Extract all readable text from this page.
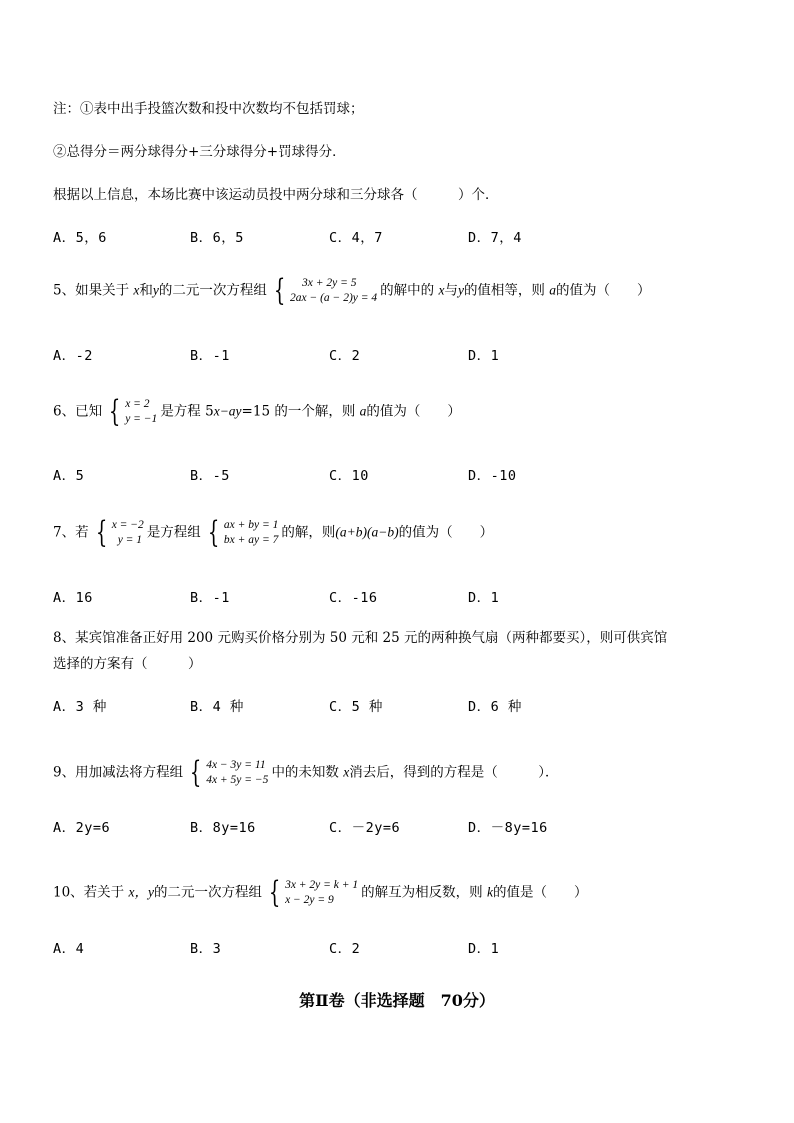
注：①表中出手投篮次数和投中次数均不包括罚球；
②总得分＝两分球得分+三分球得分+罚球得分．
根据以上信息，本场比赛中该运动员投中两分球和三分球各（　　　）个．
A．5，6	B．6，5	C．4，7	D．7，4
5、如果关于 x和y的二元一次方程组 {	3x + 2y = 5
2ax − (a − 2)y = 4 的解中的 x与y的值相等，则 a的值为（　　）
A．-2	B．-1	C．2	D．1
6、已知 { x = 2
y = −1 是方程 5x−ay=15 的一个解，则 a的值为（　　）
A．5	B．-5	C．10	D．-10
7、若 { x = −2
y = 1 是方程组 { ax + by = 1
bx + ay = 7 的解，则(a+b)(a−b)的值为（　　）
A．16	B．-1	C．-16	D．1
8、某宾馆准备正好用 200 元购买价格分别为 50 元和 25 元的两种换气扇（两种都要买），则可供宾馆
选择的方案有（　　　）
A．3 种	B．4 种	C．5 种	D．6 种
9、用加减法将方程组 { 4x − 3y = 11
4x + 5y = −5 中的未知数 x消去后，得到的方程是（　　　）．
A．2y=6	B．8y=16	C．－2y=6	D．－8y=16
10、若关于 x，y的二元一次方程组 { 3x + 2y = k + 1
x − 2y = 9	的解互为相反数，则 k的值是（　　）
A．4	B．3	C．2	D．1
第Ⅱ卷（非选择题　70分）
